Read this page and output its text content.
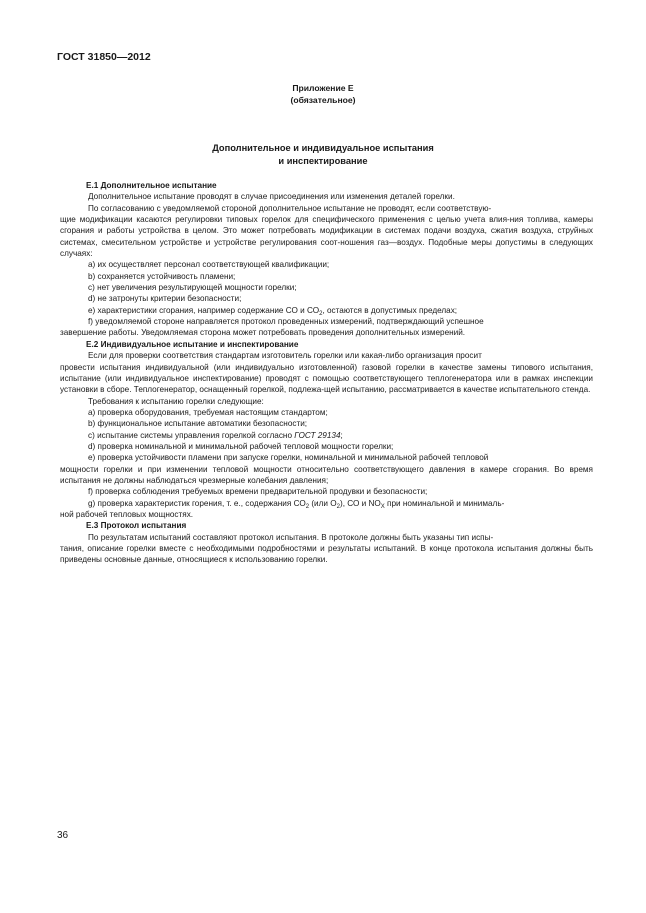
ГОСТ 31850—2012
Приложение Е
(обязательное)
Дополнительное и индивидуальное испытания
и инспектирование

Е.1 Дополнительное испытание

Дополнительное испытание проводят в случае присоединения или изменения деталей горелки.

По согласованию с уведомляемой стороной дополнительное испытание не проводят, если соответствую-

щие модификации касаются регулировки типовых горелок для специфического применения с целью учета влия-ния топлива, камеры сгорания и работы устройства в целом. Это может потребовать модификации в системах подачи воздуха, сжатия воздуха, струйных системах, смесительном устройстве и устройстве регулирования соот-ношения газ—воздух. Подобные меры допустимы в следующих случаях:

a) их осуществляет персонал соответствующей квалификации;

b) сохраняется устойчивость пламени;

c) нет увеличения результирующей мощности горелки;

d) не затронуты критерии безопасности;

e) характеристики сгорания, например содержание СО и $СО_2$, остаются в допустимых пределах;

f) уведомляемой стороне направляется протокол проведенных измерений, подтверждающий успешное

завершение работы. Уведомляемая сторона может потребовать проведения дополнительных измерений.

Е.2 Индивидуальное испытание и инспектирование

Если для проверки соответствия стандартам изготовитель горелки или какая-либо организация просит

провести испытания индивидуальной (или индивидуально изготовленной) газовой горелки в качестве замены типового испытания, испытание (или индивидуальное инспектирование) проводят с помощью соответствующего теплогенератора или в рамках инспекции установки в сборе. Теплогенератор, оснащенный горелкой, подлежа-щей испытанию, рассматривается в качестве испытательного стенда.

Требования к испытанию горелки следующие:

a) проверка оборудования, требуемая настоящим стандартом;

b) функциональное испытание автоматики безопасности;

c) испытание системы управления горелкой согласно ГОСТ 29134;

d) проверка номинальной и минимальной рабочей тепловой мощности горелки;

e) проверка устойчивости пламени при запуске горелки, номинальной и минимальной рабочей тепловой

мощности горелки и при изменении тепловой мощности относительно соответствующего давления в камере сгорания. Во время испытания не должны наблюдаться чрезмерные колебания давления;

f) проверка соблюдения требуемых времени предварительной продувки и безопасности;

g) проверка характеристик горения, т. е., содержания $СО_2$ (или $О_2$), СО и $NO_X$ при номинальной и минималь-

ной рабочей тепловых мощностях.

Е.3 Протокол испытания

По результатам испытаний составляют протокол испытания. В протоколе должны быть указаны тип испы-

тания, описание горелки вместе с необходимыми подробностями и результаты испытаний. В конце протокола испытания должны быть приведены основные данные, относящиеся к использованию горелки.

36
